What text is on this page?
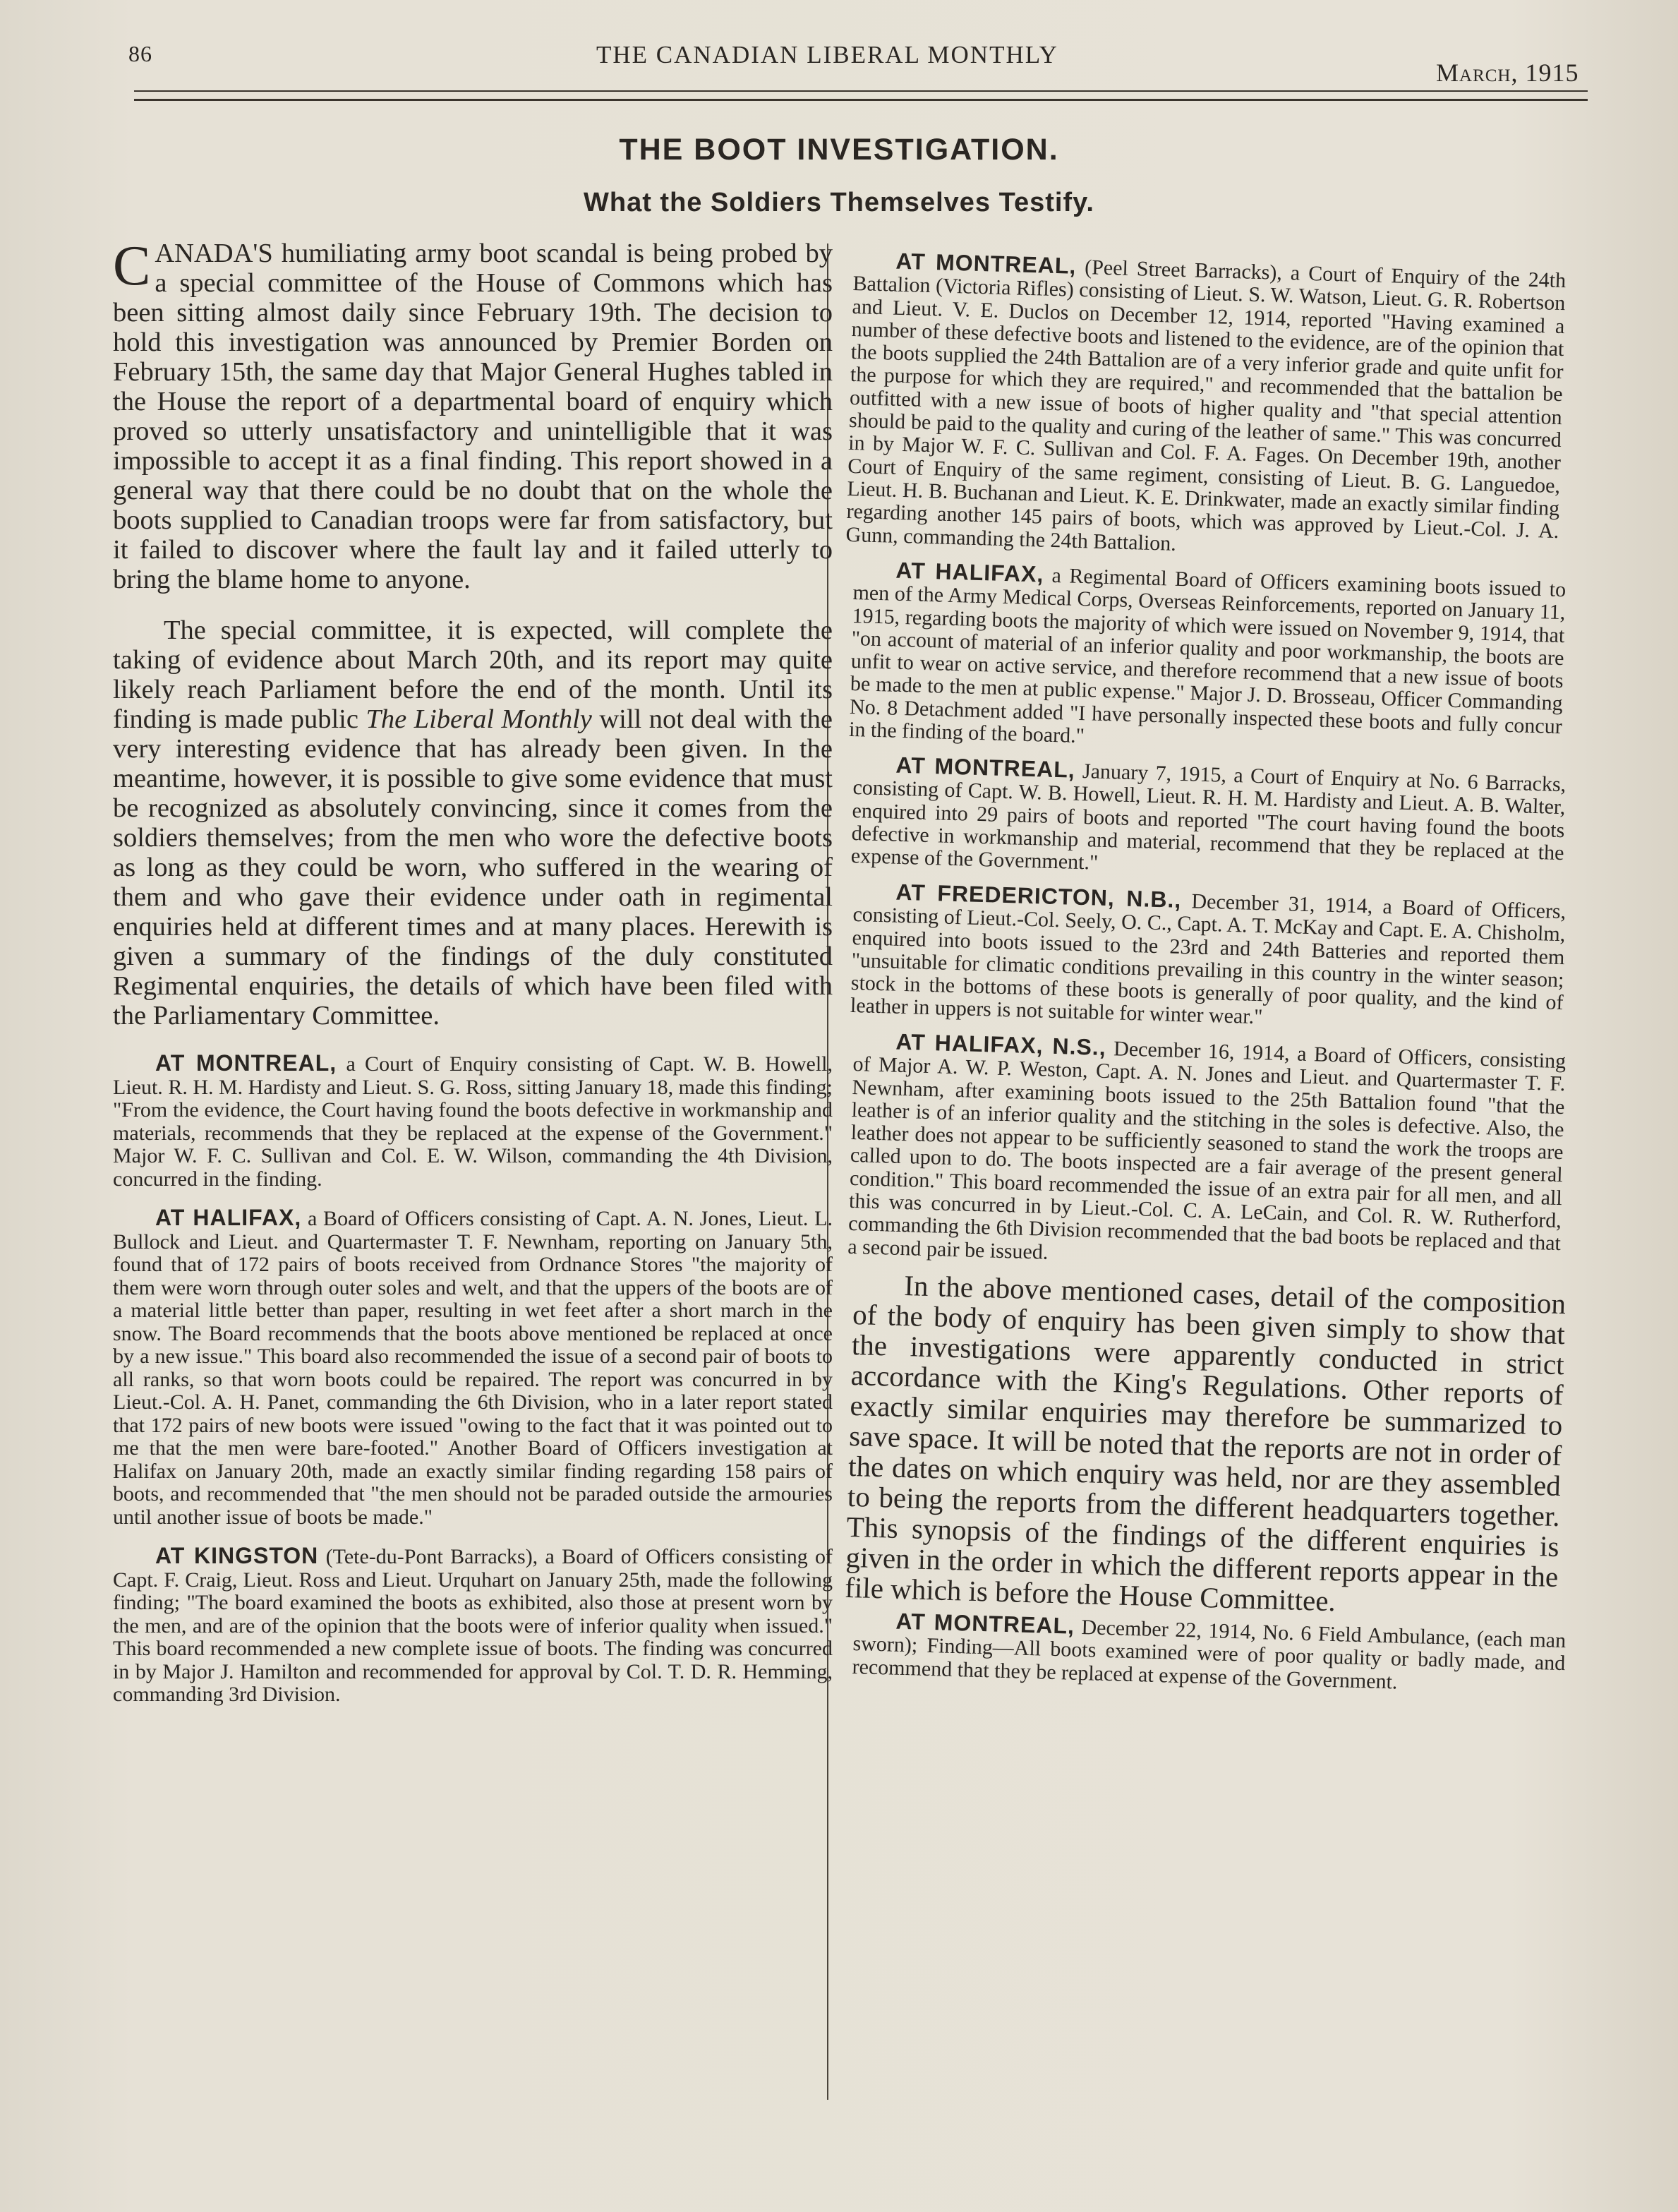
86	THE CANADIAN LIBERAL MONTHLY
March, 1915
THE BOOT INVESTIGATION.
What the Soldiers Themselves Testify.

CANADA'S humiliating army boot scandal is being probed by a special committee of the House of Commons which has been sitting almost daily since February 19th. The decision to hold this investigation was announced by Premier Borden on February 15th, the same day that Major General Hughes tabled in the House the report of a departmental board of enquiry which proved so utterly unsatisfactory and unintelligible that it was impossible to accept it as a final finding. This report showed in a general way that there could be no doubt that on the whole the boots supplied to Canadian troops were far from satisfactory, but it failed to discover where the fault lay and it failed utterly to bring the blame home to anyone.

The special committee, it is expected, will complete the taking of evidence about March 20th, and its report may quite likely reach Parliament before the end of the month. Until its finding is made public The Liberal Monthly will not deal with the very interesting evidence that has already been given. In the meantime, however, it is possible to give some evidence that must be recognized as absolutely convincing, since it comes from the soldiers themselves; from the men who wore the defective boots as long as they could be worn, who suffered in the wearing of them and who gave their evidence under oath in regimental enquiries held at different times and at many places. Herewith is given a summary of the findings of the duly constituted Regimental enquiries, the details of which have been filed with the Parliamentary Committee.

AT MONTREAL, a Court of Enquiry consisting of Capt. W. B. Howell, Lieut. R. H. M. Hardisty and Lieut. S. G. Ross, sitting January 18, made this finding; "From the evidence, the Court having found the boots defective in workmanship and materials, recommends that they be replaced at the expense of the Government." Major W. F. C. Sullivan and Col. E. W. Wilson, commanding the 4th Division, concurred in the finding.

AT HALIFAX, a Board of Officers consisting of Capt. A. N. Jones, Lieut. L. Bullock and Lieut. and Quartermaster T. F. Newnham, reporting on January 5th, found that of 172 pairs of boots received from Ordnance Stores "the majority of them were worn through outer soles and welt, and that the uppers of the boots are of a material little better than paper, resulting in wet feet after a short march in the snow. The Board recommends that the boots above mentioned be replaced at once by a new issue." This board also recommended the issue of a second pair of boots to all ranks, so that worn boots could be repaired. The report was concurred in by Lieut.-Col. A. H. Panet, commanding the 6th Division, who in a later report stated that 172 pairs of new boots were issued "owing to the fact that it was pointed out to me that the men were bare-footed." Another Board of Officers investigation at Halifax on January 20th, made an exactly similar finding regarding 158 pairs of boots, and recommended that "the men should not be paraded outside the armouries until another issue of boots be made."

AT KINGSTON (Tete-du-Pont Barracks), a Board of Officers consisting of Capt. F. Craig, Lieut. Ross and Lieut. Urquhart on January 25th, made the following finding; "The board examined the boots as exhibited, also those at present worn by the men, and are of the opinion that the boots were of inferior quality when issued." This board recommended a new complete issue of boots. The finding was concurred in by Major J. Hamilton and recommended for approval by Col. T. D. R. Hemming, commanding 3rd Division.

AT MONTREAL, (Peel Street Barracks), a Court of Enquiry of the 24th Battalion (Victoria Rifles) consisting of Lieut. S. W. Watson, Lieut. G. R. Robertson and Lieut. V. E. Duclos on December 12, 1914, reported "Having examined a number of these defective boots and listened to the evidence, are of the opinion that the boots supplied the 24th Battalion are of a very inferior grade and quite unfit for the purpose for which they are required," and recommended that the battalion be outfitted with a new issue of boots of higher quality and "that special attention should be paid to the quality and curing of the leather of same." This was concurred in by Major W. F. C. Sullivan and Col. F. A. Fages. On December 19th, another Court of Enquiry of the same regiment, consisting of Lieut. B. G. Languedoe, Lieut. H. B. Buchanan and Lieut. K. E. Drinkwater, made an exactly similar finding regarding another 145 pairs of boots, which was approved by Lieut.-Col. J. A. Gunn, commanding the 24th Battalion.

AT HALIFAX, a Regimental Board of Officers examining boots issued to men of the Army Medical Corps, Overseas Reinforcements, reported on January 11, 1915, regarding boots the majority of which were issued on November 9, 1914, that "on account of material of an inferior quality and poor workmanship, the boots are unfit to wear on active service, and therefore recommend that a new issue of boots be made to the men at public expense." Major J. D. Brosseau, Officer Commanding No. 8 Detachment added "I have personally inspected these boots and fully concur in the finding of the board."

AT MONTREAL, January 7, 1915, a Court of Enquiry at No. 6 Barracks, consisting of Capt. W. B. Howell, Lieut. R. H. M. Hardisty and Lieut. A. B. Walter, enquired into 29 pairs of boots and reported "The court having found the boots defective in workmanship and material, recommend that they be replaced at the expense of the Government."

AT FREDERICTON, N.B., December 31, 1914, a Board of Officers, consisting of Lieut.-Col. Seely, O. C., Capt. A. T. McKay and Capt. E. A. Chisholm, enquired into boots issued to the 23rd and 24th Batteries and reported them "unsuitable for climatic conditions prevailing in this country in the winter season; stock in the bottoms of these boots is generally of poor quality, and the kind of leather in uppers is not suitable for winter wear."

AT HALIFAX, N.S., December 16, 1914, a Board of Officers, consisting of Major A. W. P. Weston, Capt. A. N. Jones and Lieut. and Quartermaster T. F. Newnham, after examining boots issued to the 25th Battalion found "that the leather is of an inferior quality and the stitching in the soles is defective. Also, the leather does not appear to be sufficiently seasoned to stand the work the troops are called upon to do. The boots inspected are a fair average of the present general condition." This board recommended the issue of an extra pair for all men, and all this was concurred in by Lieut.-Col. C. A. LeCain, and Col. R. W. Rutherford, commanding the 6th Division recommended that the bad boots be replaced and that a second pair be issued.

In the above mentioned cases, detail of the composition of the body of enquiry has been given simply to show that the investigations were apparently conducted in strict accordance with the King's Regulations. Other reports of exactly similar enquiries may therefore be summarized to save space. It will be noted that the reports are not in order of the dates on which enquiry was held, nor are they assembled to being the reports from the different headquarters together. This synopsis of the findings of the different enquiries is given in the order in which the different reports appear in the file which is before the House Committee.

AT MONTREAL, December 22, 1914, No. 6 Field Ambulance, (each man sworn); Finding—All boots examined were of poor quality or badly made, and recommend that they be replaced at expense of the Government.
